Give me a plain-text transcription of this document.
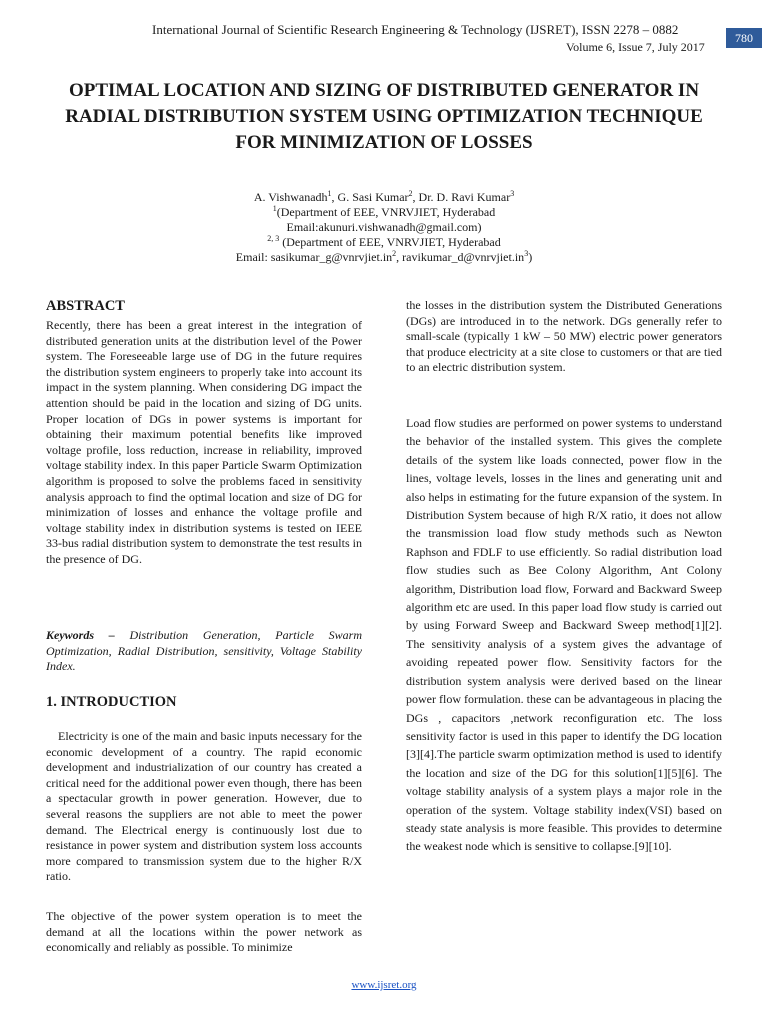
International Journal of Scientific Research Engineering & Technology (IJSRET), ISSN 2278 – 0882
Volume 6, Issue 7, July 2017
780
OPTIMAL LOCATION AND SIZING OF DISTRIBUTED GENERATOR IN
RADIAL DISTRIBUTION SYSTEM USING OPTIMIZATION TECHNIQUE
FOR MINIMIZATION OF LOSSES
A. Vishwanadh$^1$, G. Sasi Kumar$^2$, Dr. D. Ravi Kumar$^3$
$^1$(Department of EEE, VNRVJIET, Hyderabad
Email:akunuri.vishwanadh@gmail.com)
$^{2, 3}$ (Department of EEE, VNRVJIET, Hyderabad
Email: $sasikumar\_g@vnrvjiet.in^2$, $ravikumar\_d@vnrvjiet.in^3$)
ABSTRACT

Recently, there has been a great interest in the integration of distributed generation units at the distribution level of the Power system. The Foreseeable large use of DG in the future requires the distribution system engineers to properly take into account its impact in the system planning. When considering DG impact the attention should be paid in the location and sizing of DG units. Proper location of DGs in power systems is important for obtaining their maximum potential benefits like improved voltage profile, loss reduction, increase in reliability, improved voltage stability index. In this paper Particle Swarm Optimization algorithm is proposed to solve the problems faced in sensitivity analysis approach to find the optimal location and size of DG for minimization of losses and enhance the voltage profile and voltage stability index in distribution systems is tested on IEEE 33-bus radial distribution system to demonstrate the test results in the presence of DG.

Keywords – Distribution Generation, Particle Swarm Optimization, Radial Distribution, sensitivity, Voltage Stability Index.

1. INTRODUCTION

Electricity is one of the main and basic inputs necessary for the economic development of a country. The rapid economic development and industrialization of our country has created a critical need for the additional power even though, there has been a spectacular growth in power generation. However, due to several reasons the suppliers are not able to meet the power demand. The Electrical energy is continuously lost due to resistance in power system and distribution system loss accounts more compared to transmission system due to the higher R/X ratio.

The objective of the power system operation is to meet the demand at all the locations within the power network as economically and reliably as possible. To minimize

the losses in the distribution system the Distributed Generations (DGs) are introduced in to the network. DGs generally refer to small-scale (typically 1 kW – 50 MW) electric power generators that produce electricity at a site close to customers or that are tied to an electric distribution system.

Load flow studies are performed on power systems to understand the behavior of the installed system. This gives the complete details of the system like loads connected, power flow in the lines, voltage levels, losses in the lines and generating unit and also helps in estimating for the future expansion of the system. In Distribution System because of high R/X ratio, it does not allow the transmission load flow study methods such as Newton Raphson and FDLF to use efficiently. So radial distribution load flow studies such as Bee Colony Algorithm, Ant Colony algorithm, Distribution load flow, Forward and Backward Sweep algorithm etc are used. In this paper load flow study is carried out by using Forward Sweep and Backward Sweep method[1][2]. The sensitivity analysis of a system gives the advantage of avoiding repeated power flow. Sensitivity factors for the distribution system analysis were derived based on the linear power flow formulation. these can be advantageous in placing the DGs , capacitors ,network reconfiguration etc. The loss sensitivity factor is used in this paper to identify the DG location [3][4].The particle swarm optimization method is used to identify the location and size of the DG for this solution[1][5][6]. The voltage stability analysis of a system plays a major role in the operation of the system. Voltage stability index(VSI) based on steady state analysis is more feasible. This provides to determine the weakest node which is sensitive to collapse.[9][10].

www.ijsret.org
